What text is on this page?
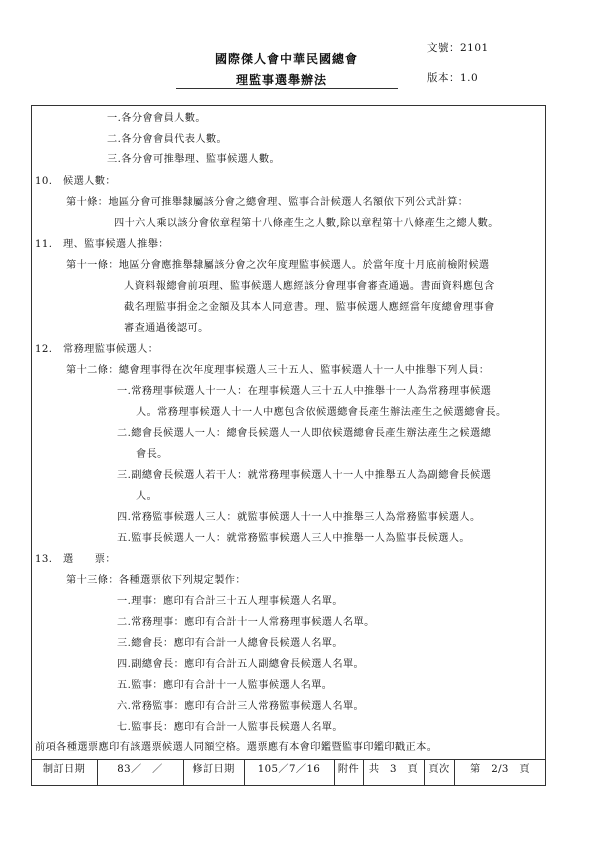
國際傑人會中華民國總會
理監事選舉辦法
文號：2101
版本：1.0
一.各分會會員人數。
二.各分會會員代表人數。
三.各分會可推舉理、監事候選人數。
10.　候選人數：
第十條：地區分會可推舉隸屬該分會之總會理、監事合計候選人名額依下列公式計算：
四十六人乘以該分會依章程第十八條產生之人數,除以章程第十八條產生之總人數。
11.　理、監事候選人推舉：
第十一條：地區分會應推舉隸屬該分會之次年度理監事候選人。於當年度十月底前檢附候選
人資料報總會前項理、監事候選人應經該分會理事會審查通過。書面資料應包含
截名理監事捐金之金額及其本人同意書。理、監事候選人應經當年度總會理事會
審查通過後認可。
12.　常務理監事候選人：
第十二條：總會理事得在次年度理事候選人三十五人、監事候選人十一人中推舉下列人員：
一.常務理事候選人十一人：在理事候選人三十五人中推舉十一人為常務理事候選
人。常務理事候選人十一人中應包含依候選總會長產生辦法產生之候選總會長。
二.總會長候選人一人：總會長候選人一人即依候選總會長產生辦法產生之候選總
會長。
三.副總會長候選人若干人：就常務理事候選人十一人中推舉五人為副總會長候選
人。
四.常務監事候選人三人：就監事候選人十一人中推舉三人為常務監事候選人。
五.監事長候選人一人：就常務監事候選人三人中推舉一人為監事長候選人。
13.　選　　票：
第十三條：各種選票依下列規定製作：
一.理事：應印有合計三十五人理事候選人名單。
二.常務理事：應印有合計十一人常務理事候選人名單。
三.總會長：應印有合計一人總會長候選人名單。
四.副總會長：應印有合計五人副總會長候選人名單。
五.監事：應印有合計十一人監事候選人名單。
六.常務監事：應印有合計三人常務監事候選人名單。
七.監事長：應印有合計一人監事長候選人名單。
前項各種選票應印有該選票候選人同額空格。選票應有本會印鑑暨監事印鑑印戳正本。
制訂日期	83／　／	修訂日期	105／7／16	附件 共　3　頁	頁次	第　2/3　頁
